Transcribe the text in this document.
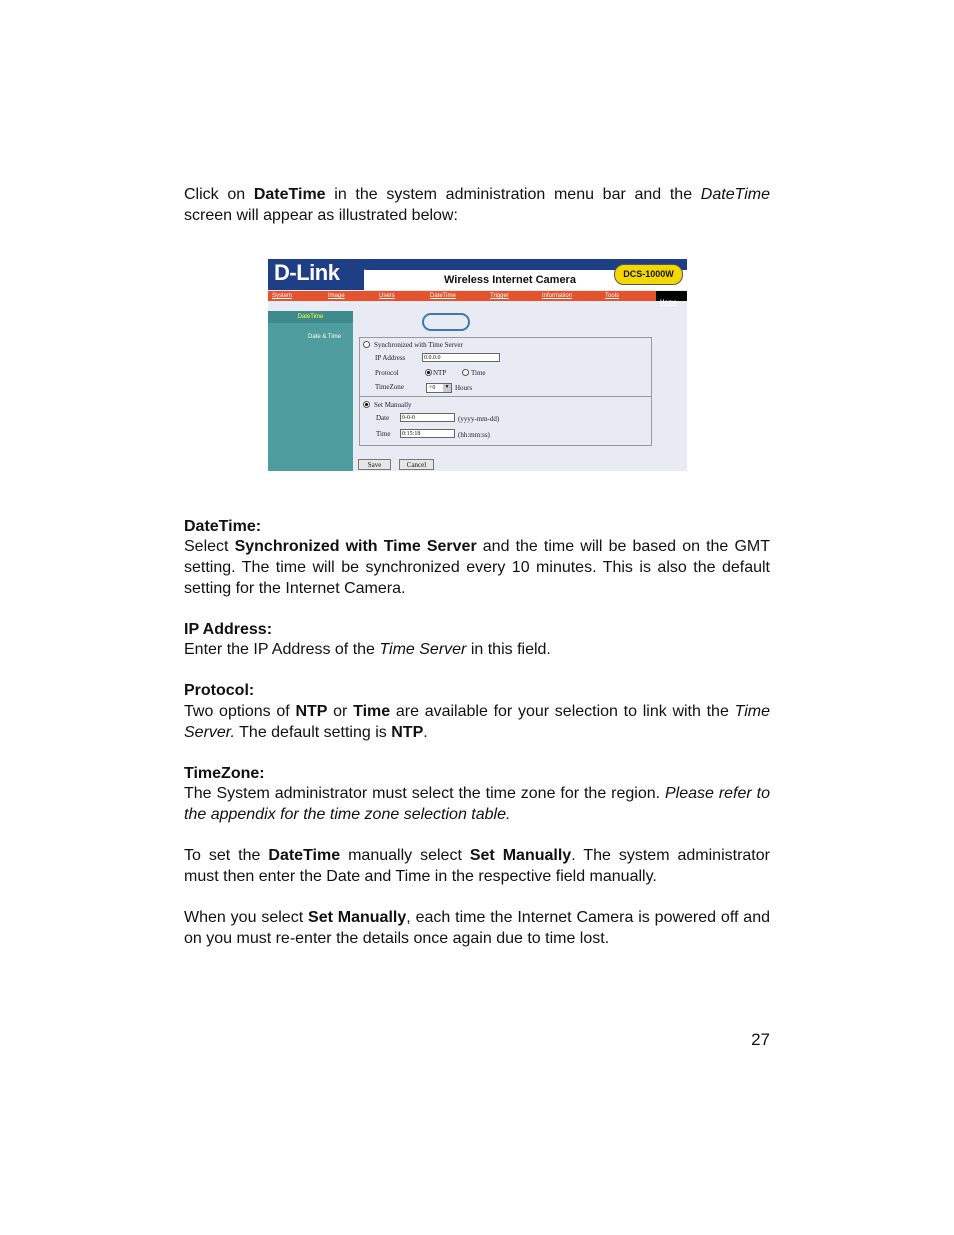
Click on DateTime in the system administration menu bar and the DateTime screen will appear as illustrated below:
D-Link	Wireless Internet Camera	DCS-1000W
System	Image	Users	DateTime	Trigger	Information	Tools
Home
DateTime
Date & Time
Synchronized with Time Server
IP Address	0.0.0.0
Protocol	NTP	Time
TimeZone	+0	▼ Hours
Set Manually
Date	0-0-0	(yyyy-mm-dd)
Time	0:15:18	(hh:mm:ss)
Save	Cancel
DateTime:
Select Synchronized with Time Server and the time will be based on the GMT setting. The time will be synchronized every 10 minutes. This is also the default setting for the Internet Camera.
IP Address:
Enter the IP Address of the Time Server in this field.
Protocol:
Two options of NTP or Time are available for your selection to link with the Time Server. The default setting is NTP.
TimeZone:
The System administrator must select the time zone for the region. Please refer to the appendix for the time zone selection table.
To set the DateTime manually select Set Manually. The system administrator must then enter the Date and Time in the respective field manually.
When you select Set Manually, each time the Internet Camera is powered off and on you must re-enter the details once again due to time lost.
27
